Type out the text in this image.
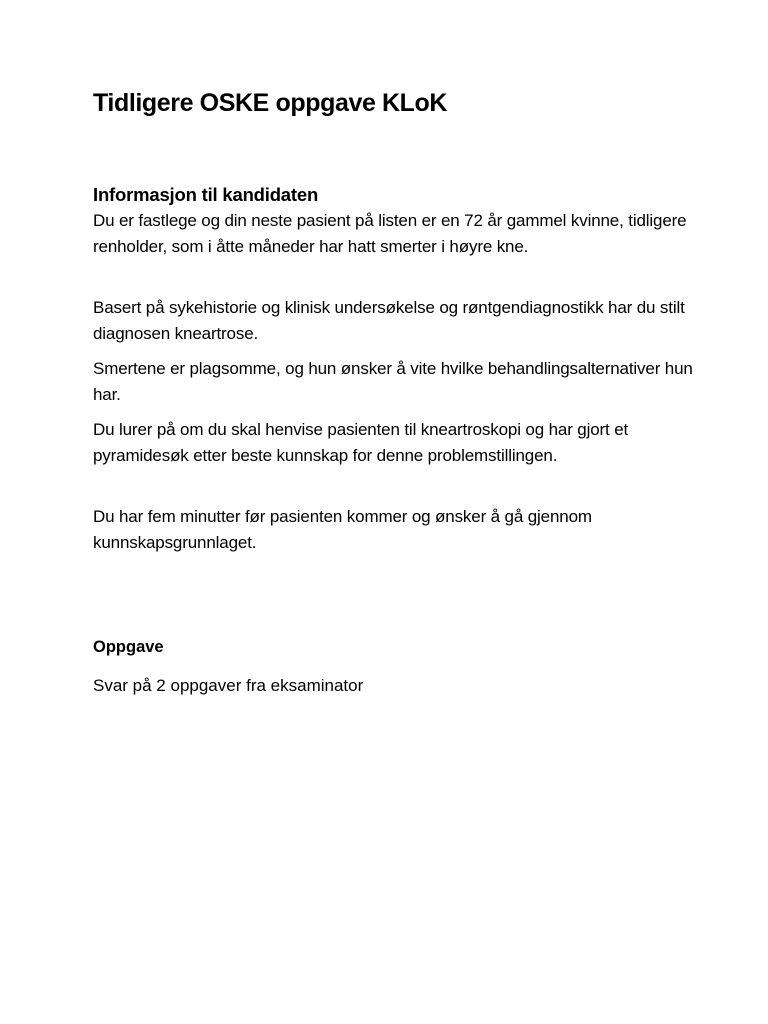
Tidligere OSKE oppgave KLoK
Informasjon til kandidaten

Du er fastlege og din neste pasient på listen er en 72 år gammel kvinne, tidligere renholder, som i åtte måneder har hatt smerter i høyre kne.

Basert på sykehistorie og klinisk undersøkelse og røntgendiagnostikk har du stilt diagnosen kneartrose.

Smertene er plagsomme, og hun ønsker å vite hvilke behandlingsalternativer hun har.

Du lurer på om du skal henvise pasienten til kneartroskopi og har gjort et pyramidesøk etter beste kunnskap for denne problemstillingen.

Du har fem minutter før pasienten kommer og ønsker å gå gjennom kunnskapsgrunnlaget.

Oppgave

Svar på 2 oppgaver fra eksaminator
